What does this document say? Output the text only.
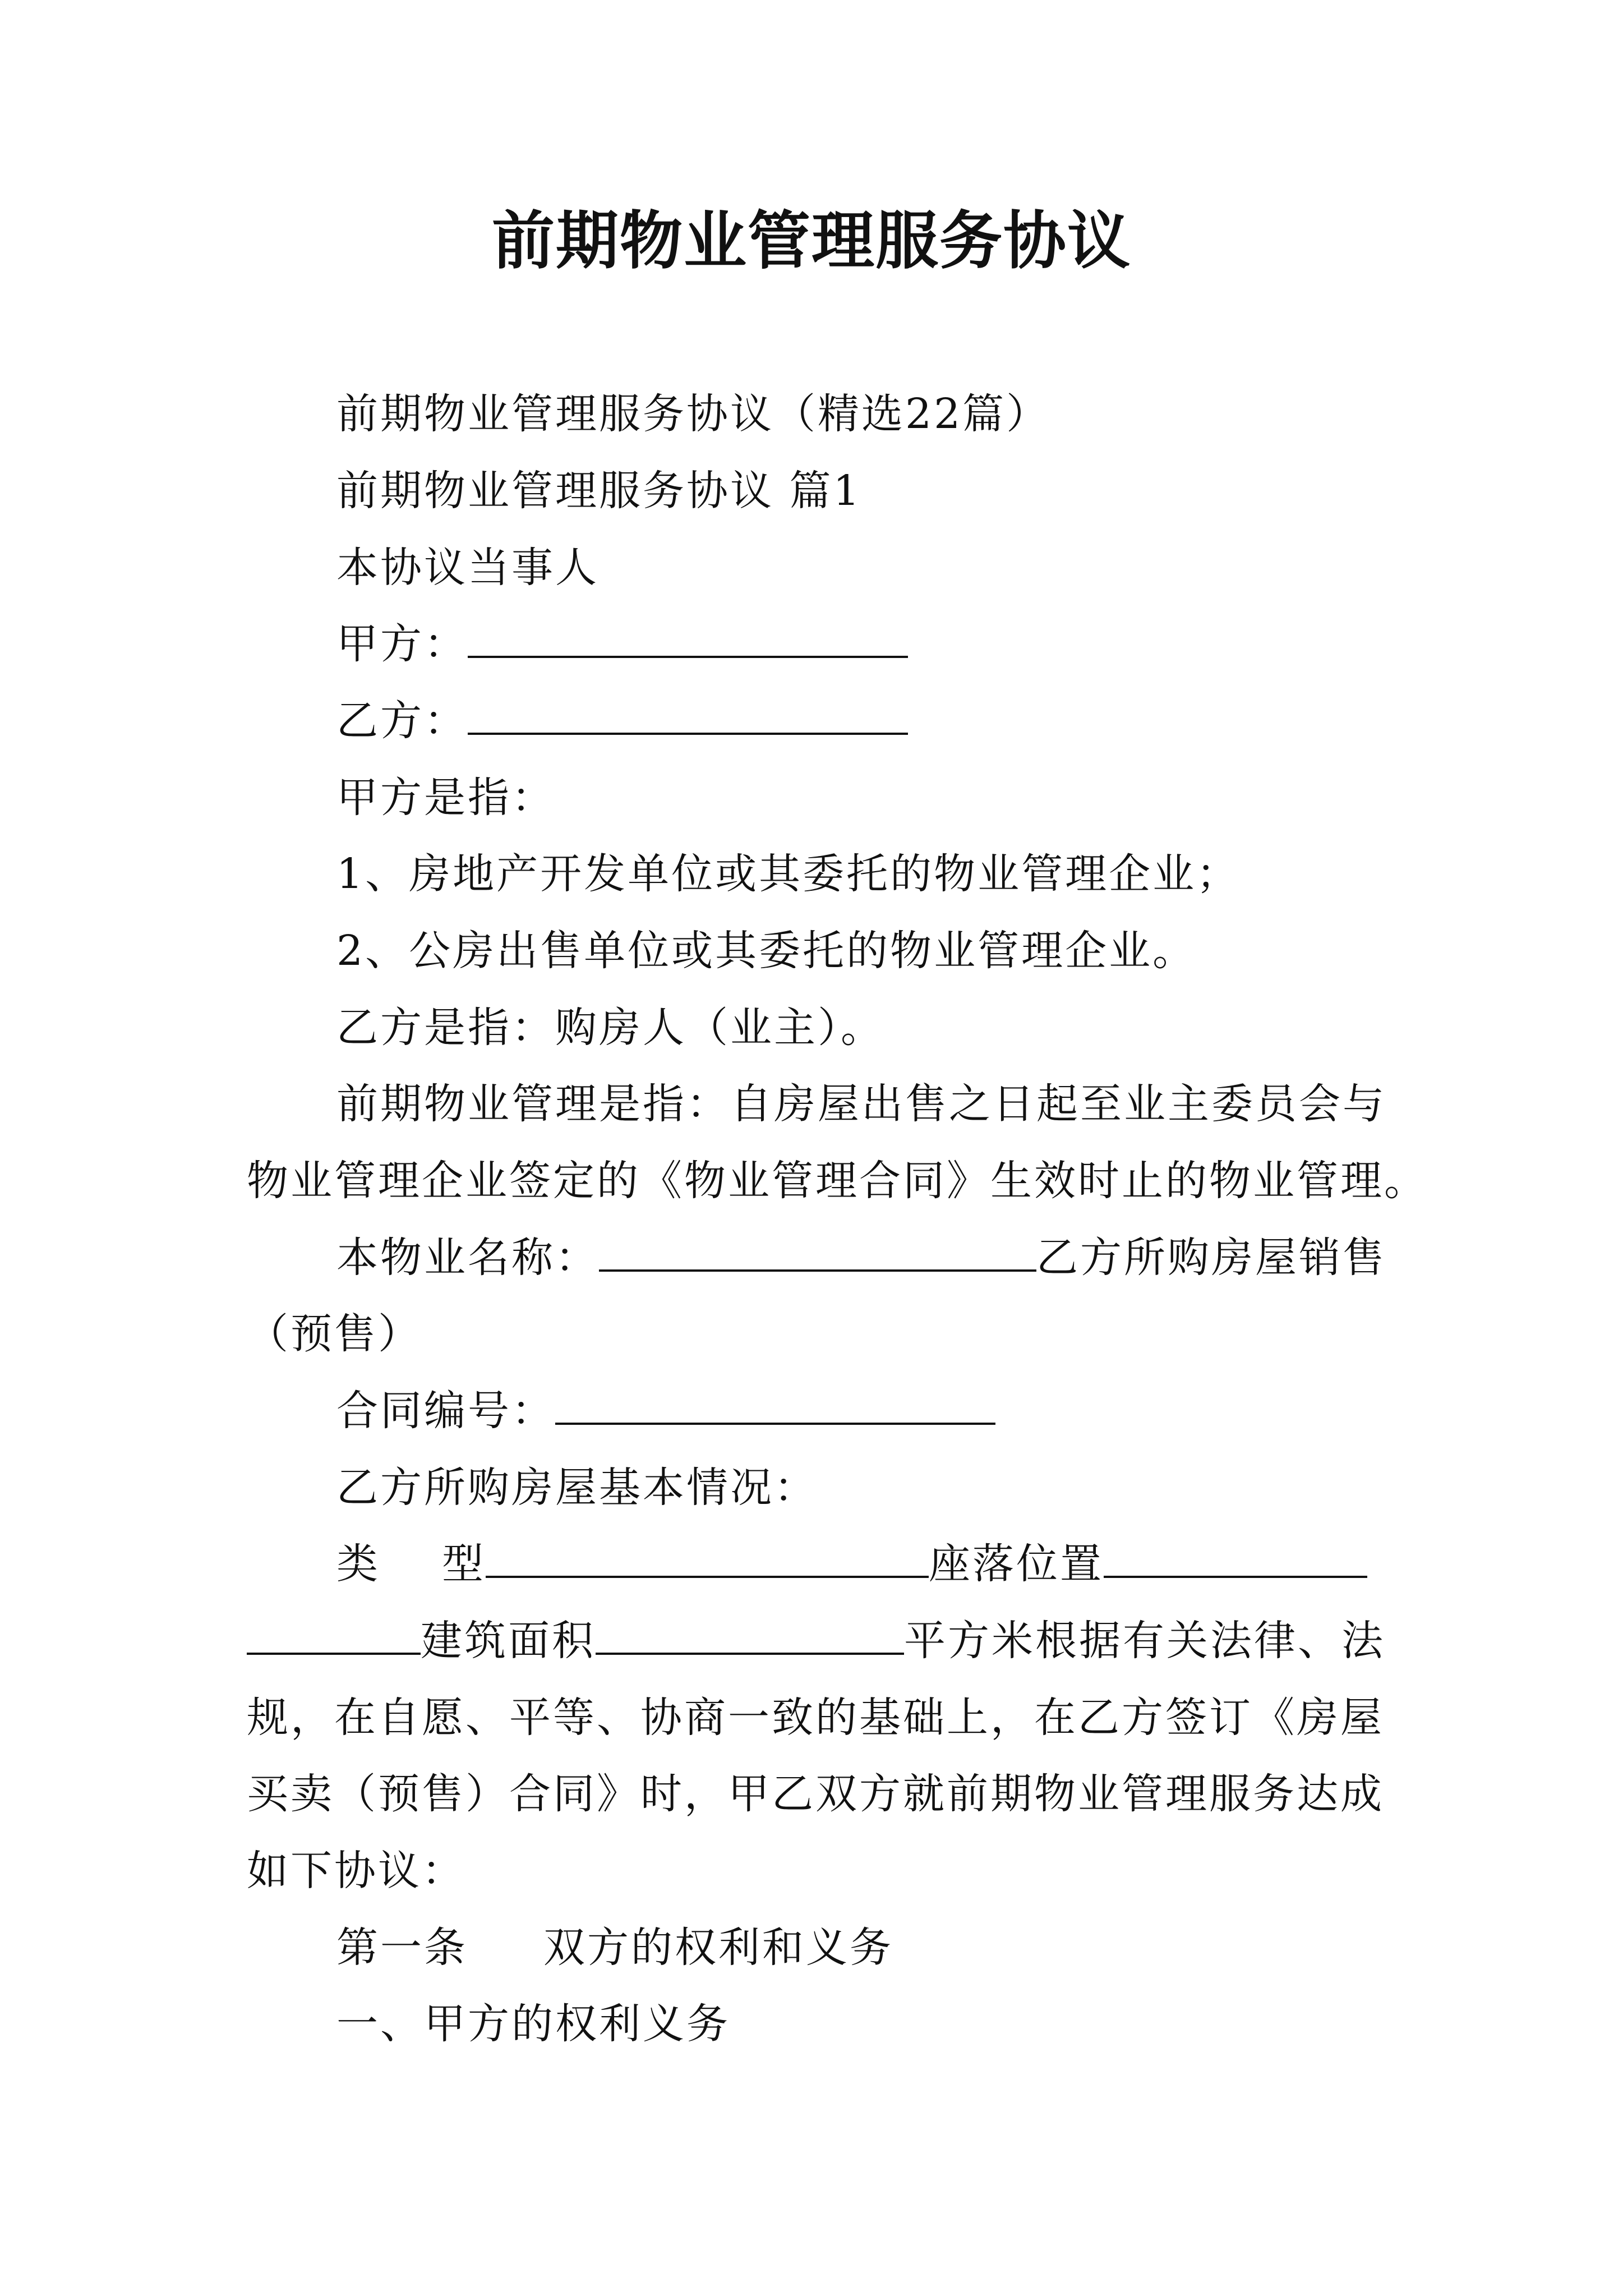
前期物业管理服务协议
前期物业管理服务协议（精选22篇）
前期物业管理服务协议 篇1
本协议当事人
甲方：
乙方：
甲方是指：
1、房地产开发单位或其委托的物业管理企业；
2、公房出售单位或其委托的物业管理企业。
乙方是指：购房人（业主）。
前期物业管理是指：自房屋出售之日起至业主委员会与
物业管理企业签定的《物业管理合同》生效时止的物业管理。
本物业名称：	乙方所购房屋销售
（预售）
合同编号：
乙方所购房屋基本情况：
类 型	座落位置
建筑面积	平方米根据有关法律、法
规，在自愿、平等、协商一致的基础上，在乙方签订《房屋
买卖（预售）合同》时，甲乙双方就前期物业管理服务达成
如下协议：
第一条 双方的权利和义务
一、甲方的权利义务
